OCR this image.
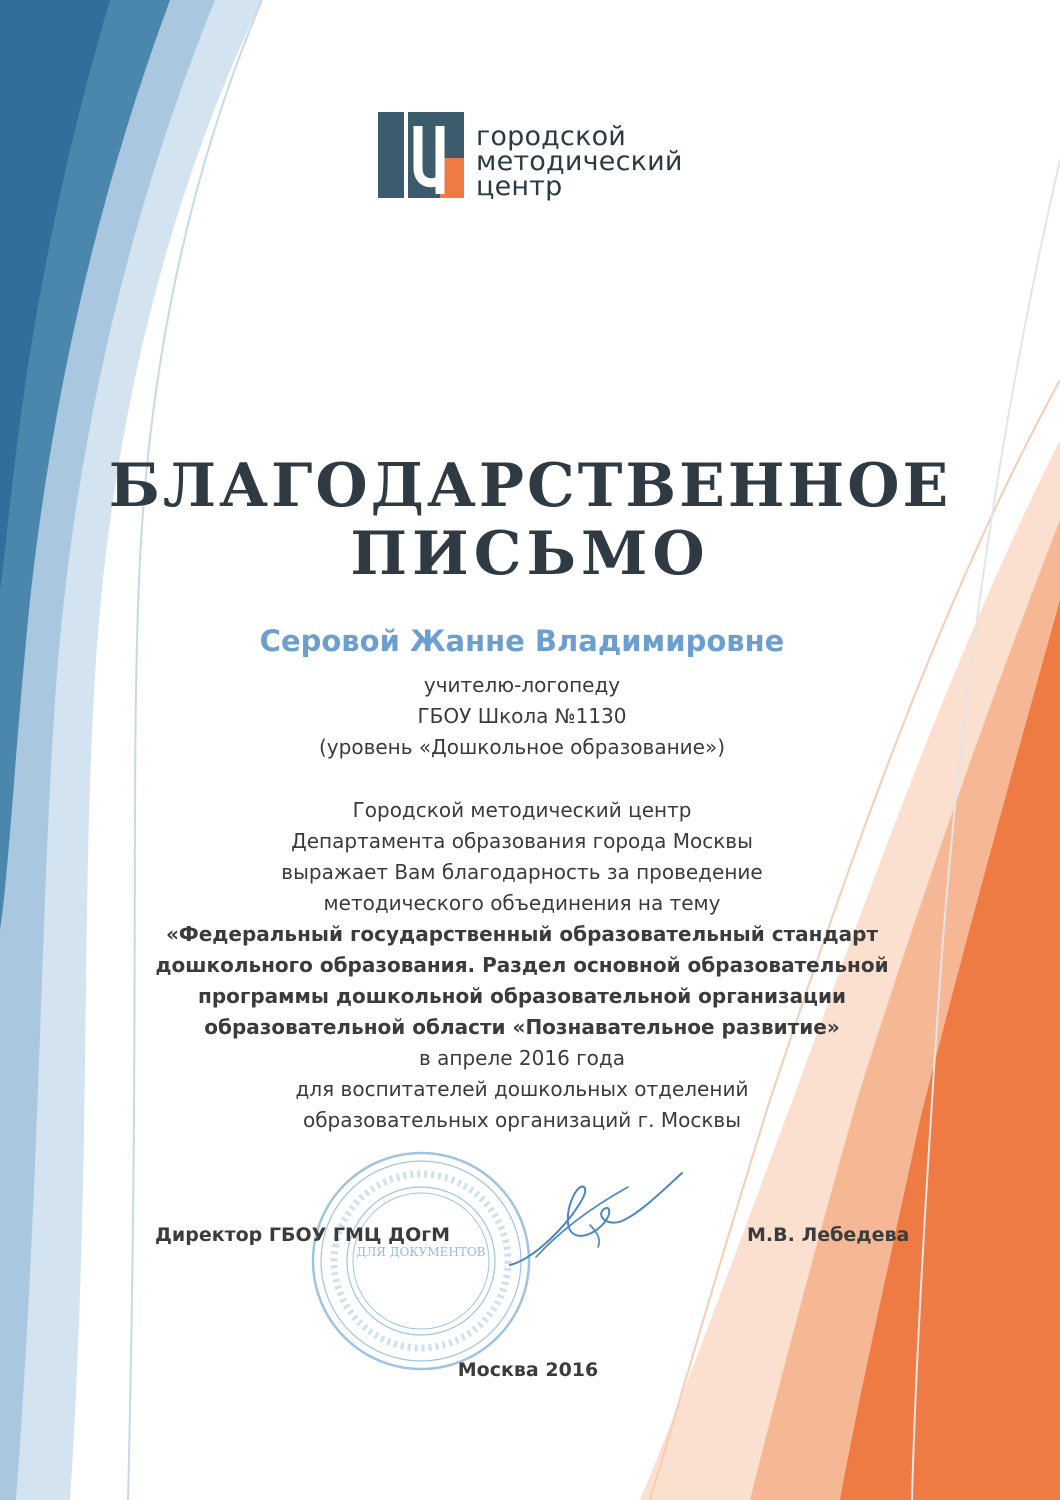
городской
методический
центр
БЛАГОДАРСТВЕННОЕ
ПИСЬМО
Серовой Жанне Владимировне
учителю-логопеду
ГБОУ Школа №1130
(уровень «Дошкольное образование»)
Городской методический центр
Департамента образования города Москвы
выражает Вам благодарность за проведение
методического объединения на тему
«Федеральный государственный образовательный стандарт
дошкольного образования. Раздел основной образовательной
программы дошкольной образовательной организации
образовательной области «Познавательное развитие»
в апреле 2016 года
для воспитателей дошкольных отделений
образовательных организаций г. Москвы
ДЛЯ ДОКУМЕНТОВ
Директор ГБОУ ГМЦ ДОгМ	М.В. Лебедева
Москва 2016
